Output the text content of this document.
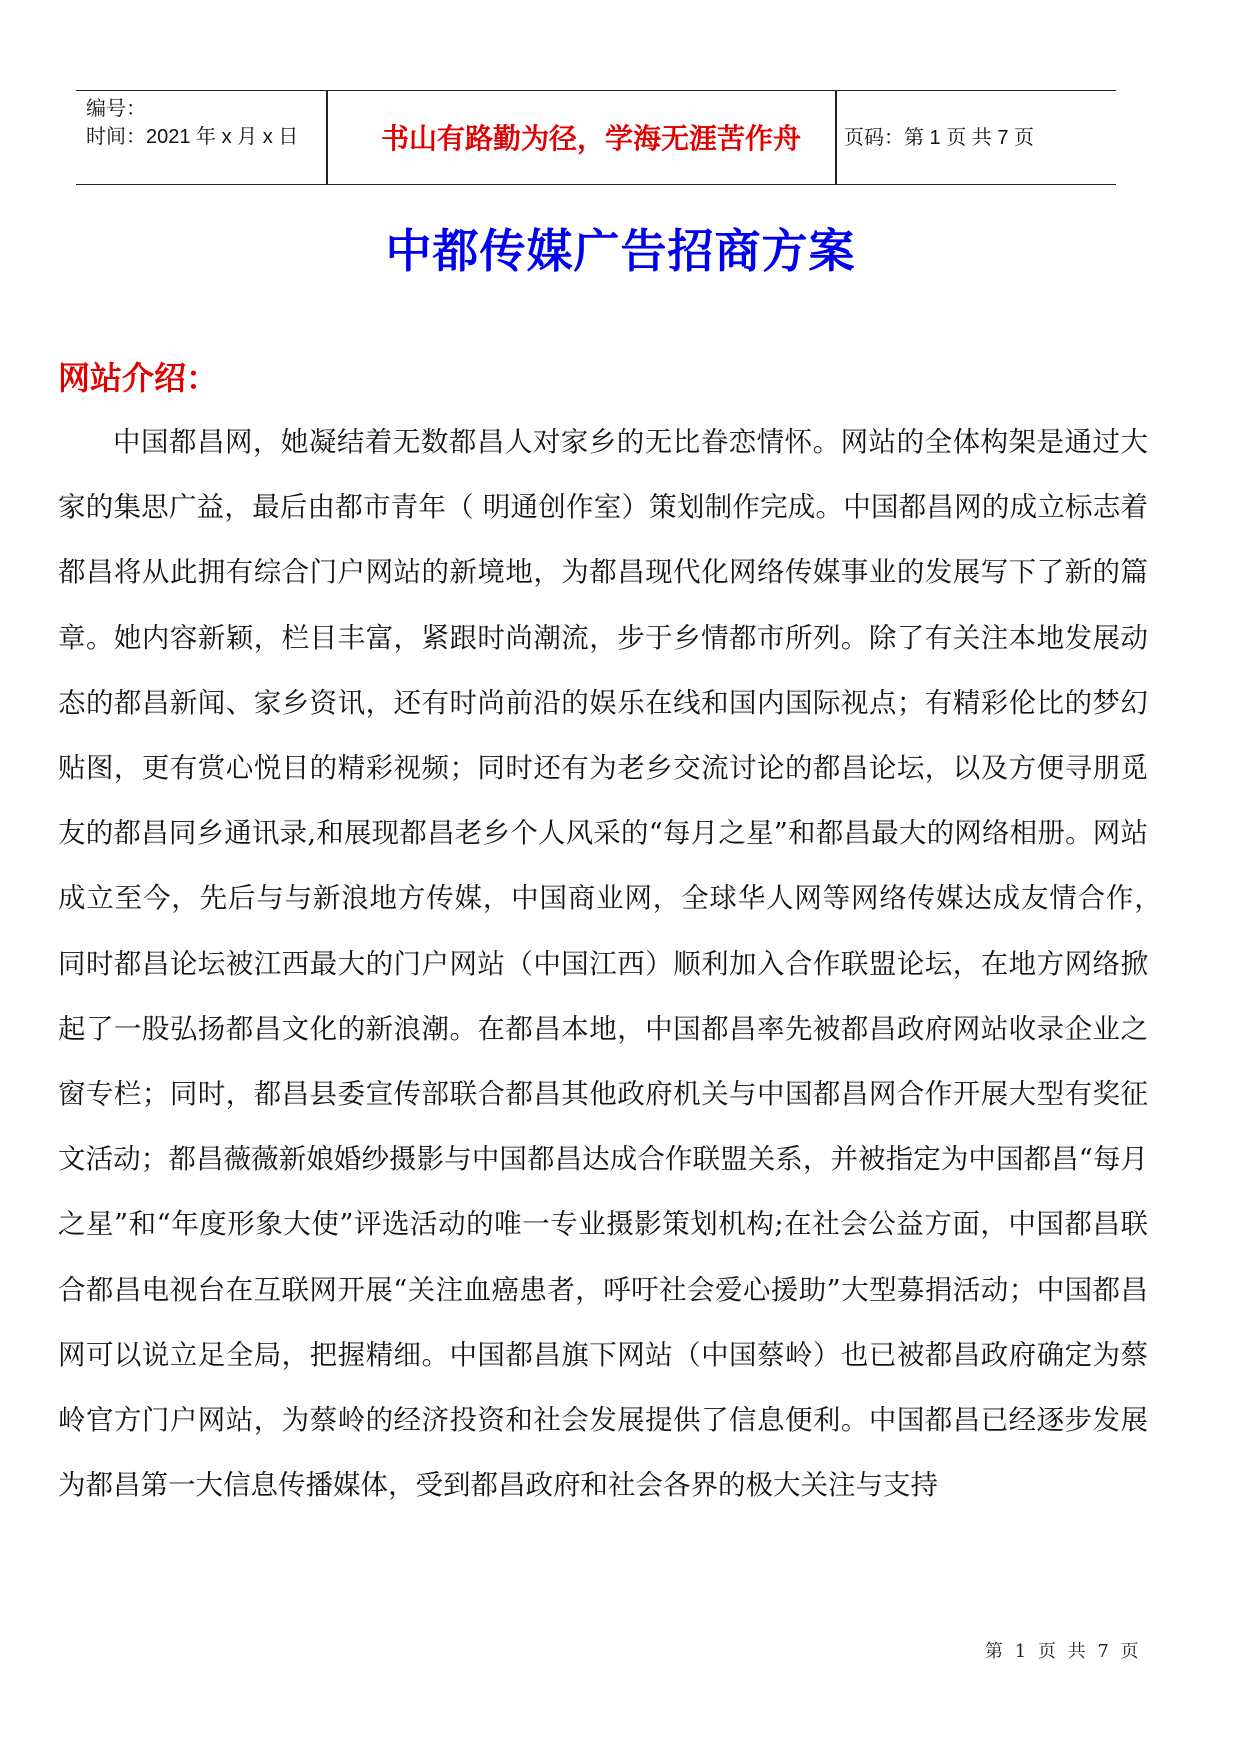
编号：
时间：2021 年 x 月 x 日	书山有路勤为径，学海无涯苦作舟	页码：第 1 页 共 7 页
中都传媒广告招商方案
网站介绍：

中国都昌网，她凝结着无数都昌人对家乡的无比眷恋情怀。网站的全体构架是通过大家的集思广益，最后由都市青年（ 明通创作室）策划制作完成。中国都昌网的成立标志着都昌将从此拥有综合门户网站的新境地，为都昌现代化网络传媒事业的发展写下了新的篇章。她内容新颖，栏目丰富，紧跟时尚潮流，步于乡情都市所列。除了有关注本地发展动态的都昌新闻、家乡资讯，还有时尚前沿的娱乐在线和国内国际视点；有精彩伦比的梦幻贴图，更有赏心悦目的精彩视频；同时还有为老乡交流讨论的都昌论坛，以及方便寻朋觅友的都昌同乡通讯录,和展现都昌老乡个人风采的“每月之星”和都昌最大的网络相册。网站成立至今，先后与与新浪地方传媒，中国商业网，全球华人网等网络传媒达成友情合作，　同时都昌论坛被江西最大的门户网站（中国江西）顺利加入合作联盟论坛，在地方网络掀起了一股弘扬都昌文化的新浪潮。在都昌本地，中国都昌率先被都昌政府网站收录企业之窗专栏；同时，都昌县委宣传部联合都昌其他政府机关与中国都昌网合作开展大型有奖征文活动；都昌薇薇新娘婚纱摄影与中国都昌达成合作联盟关系，并被指定为中国都昌“每月之星”和“年度形象大使”评选活动的唯一专业摄影策划机构;在社会公益方面，中国都昌联合都昌电视台在互联网开展“关注血癌患者，呼吁社会爱心援助”大型募捐活动；中国都昌网可以说立足全局，把握精细。中国都昌旗下网站（中国蔡岭）也已被都昌政府确定为蔡岭官方门户网站，为蔡岭的经济投资和社会发展提供了信息便利。中国都昌已经逐步发展为都昌第一大信息传播媒体，受到都昌政府和社会各界的极大关注与支持

第 1 页 共 7 页
